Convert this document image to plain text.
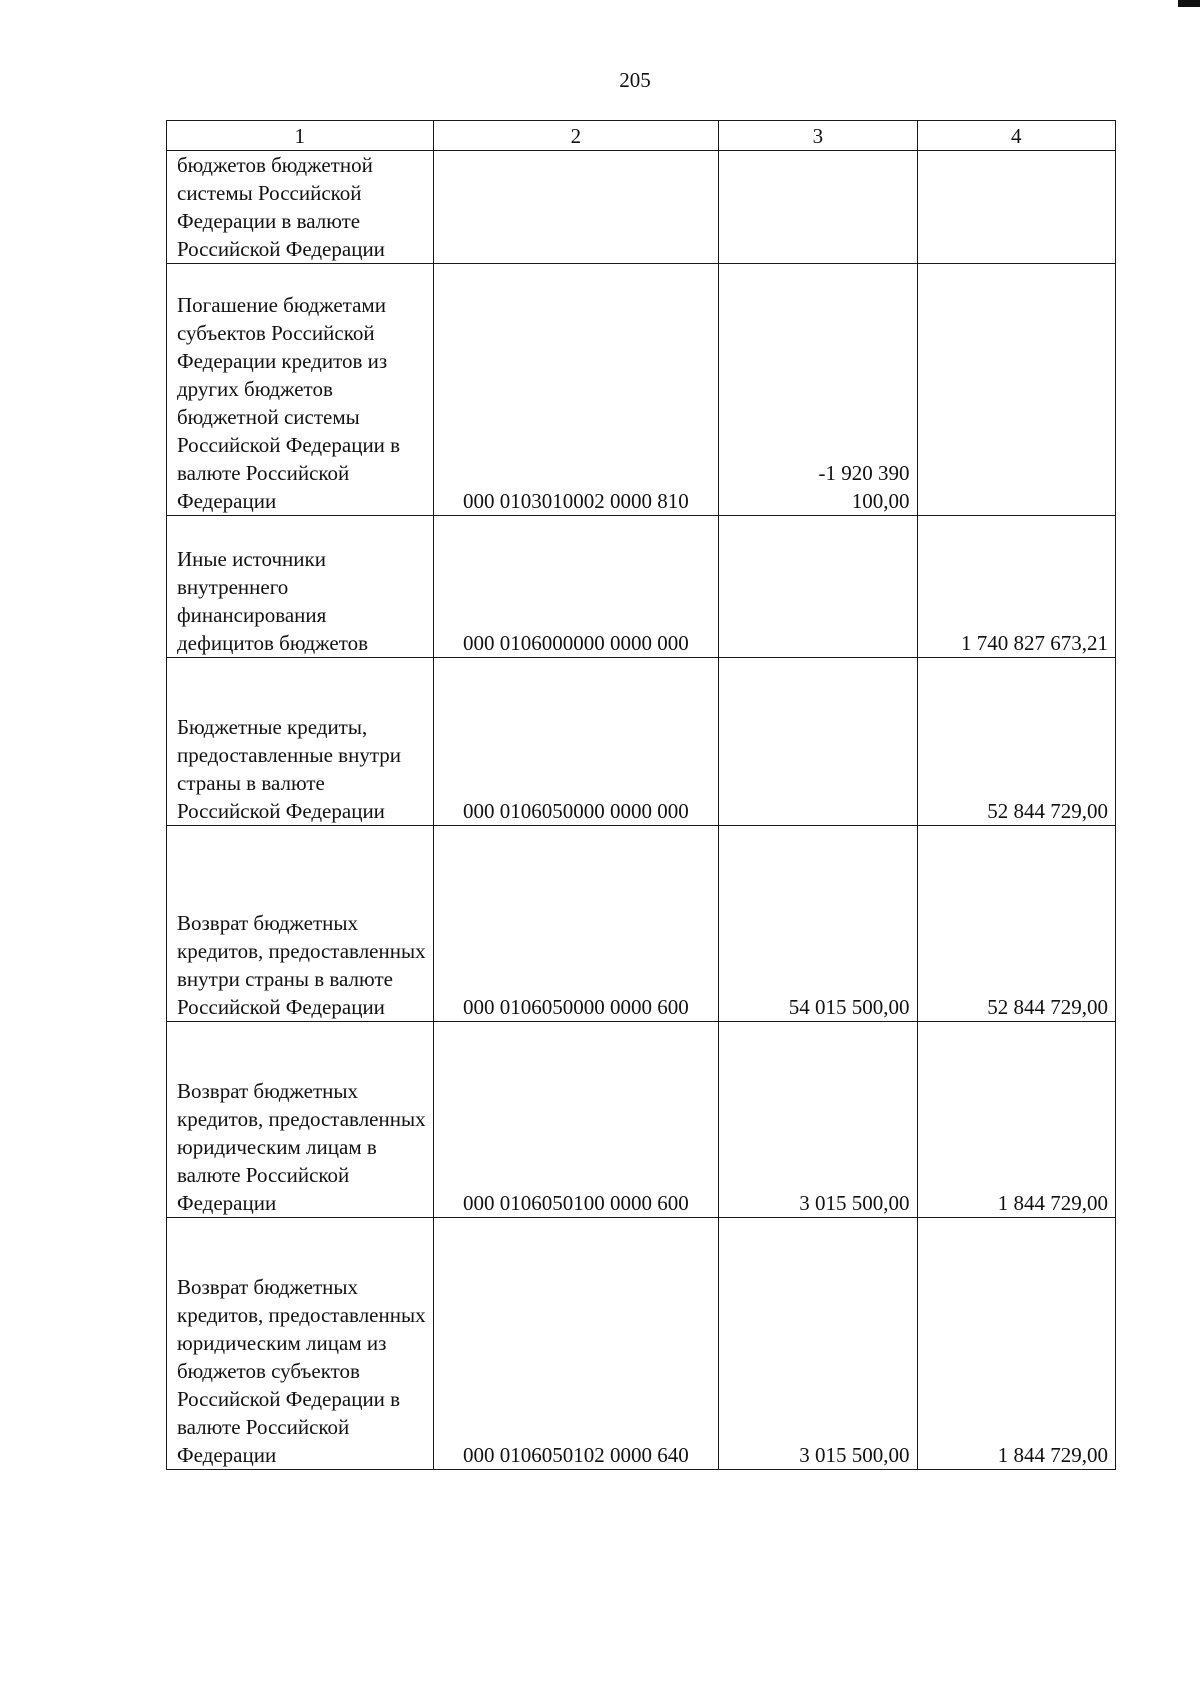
205
1	2	3	4

бюджетов бюджетной системы Российской Федерации в валюте Российской Федерации			

Погашение бюджетами субъектов Российской Федерации кредитов из других бюджетов бюджетной системы Российской Федерации в валюте Российской Федерации	000 0103010002 0000 810	-1 920 390 100,00	

Иные источники внутреннего финансирования дефицитов бюджетов	000 0106000000 0000 000		1 740 827 673,21

Бюджетные кредиты, предоставленные внутри страны в валюте Российской Федерации	000 0106050000 0000 000		52 844 729,00

Возврат бюджетных кредитов, предоставленных внутри страны в валюте Российской Федерации	000 0106050000 0000 600	54 015 500,00	52 844 729,00

Возврат бюджетных кредитов, предоставленных юридическим лицам в валюте Российской Федерации	000 0106050100 0000 600	3 015 500,00	1 844 729,00

Возврат бюджетных кредитов, предоставленных юридическим лицам из бюджетов субъектов Российской Федерации в валюте Российской Федерации	000 0106050102 0000 640	3 015 500,00	1 844 729,00
